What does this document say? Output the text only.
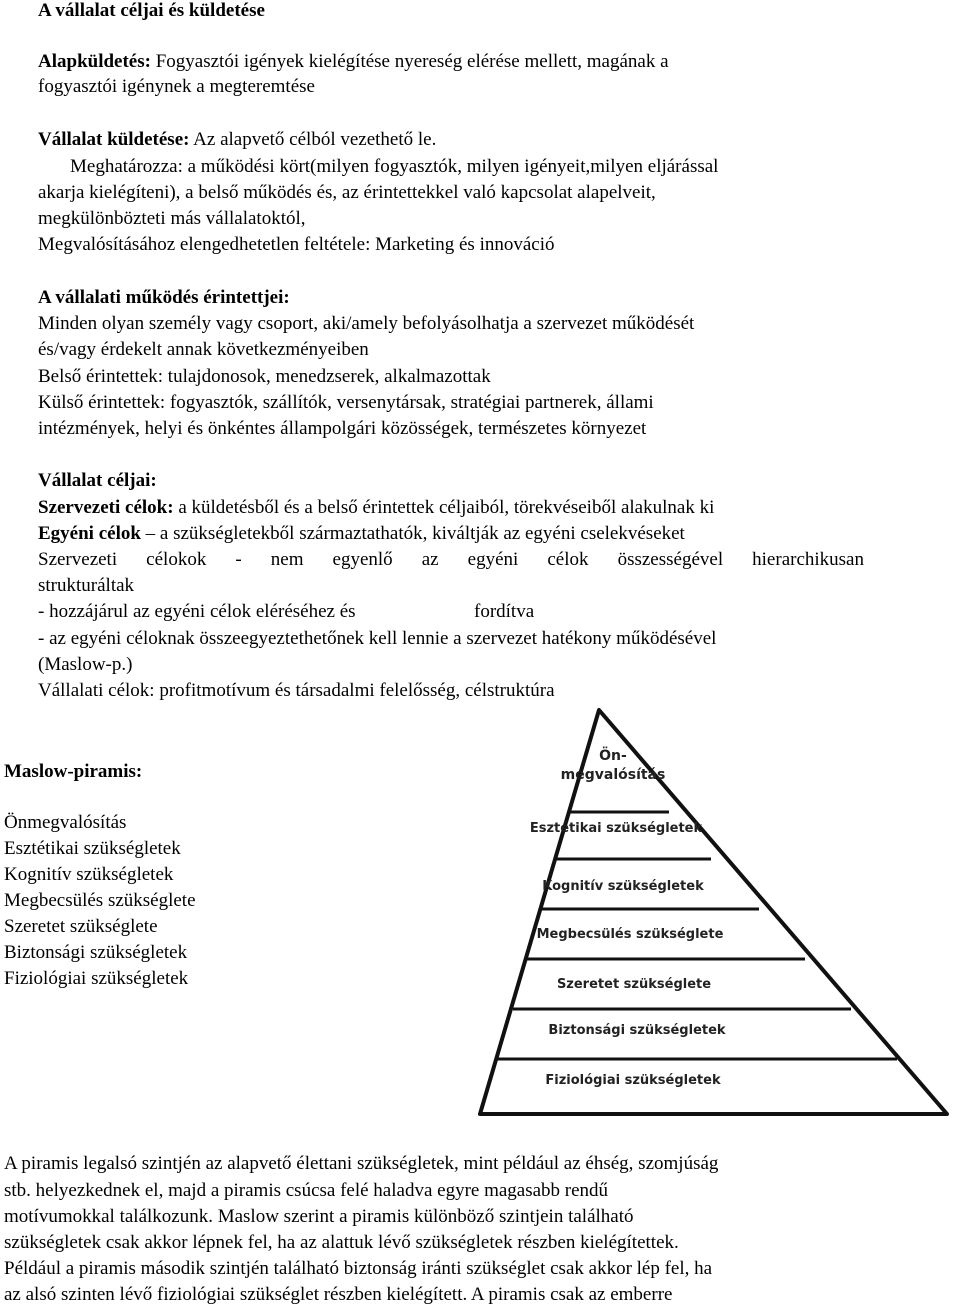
A vállalat céljai és küldetése
Alapküldetés: Fogyasztói igények kielégítése nyereség elérése mellett, magának a
fogyasztói igénynek a megteremtése
Vállalat küldetése: Az alapvető célból vezethető le.
Meghatározza: a működési kört(milyen fogyasztók, milyen igényeit,milyen eljárással
akarja kielégíteni), a belső működés és, az érintettekkel való kapcsolat alapelveit,
megkülönbözteti más vállalatoktól,
Megvalósításához elengedhetetlen feltétele: Marketing és innováció
A vállalati működés érintettjei:
Minden olyan személy vagy csoport, aki/amely befolyásolhatja a szervezet működését
és/vagy érdekelt annak következményeiben
Belső érintettek: tulajdonosok, menedzserek, alkalmazottak
Külső érintettek: fogyasztók, szállítók, versenytársak, stratégiai partnerek, állami
intézmények, helyi és önkéntes állampolgári közösségek, természetes környezet
Vállalat céljai:
Szervezeti célok: a küldetésből és a belső érintettek céljaiból, törekvéseiből alakulnak ki
Egyéni célok – a szükségletekből származtathatók, kiváltják az egyéni cselekvéseket
Szervezeti célokok - nem egyenlő az egyéni célok összességével hierarchikusan
strukturáltak
- hozzájárul az egyéni célok eléréséhez és	fordítva
- az egyéni céloknak összeegyeztethetőnek kell lennie a szervezet hatékony működésével
(Maslow-p.)
Vállalati célok: profitmotívum és társadalmi felelősség, célstruktúra
Maslow-piramis:
Önmegvalósítás
Esztétikai szükségletek
Kognitív szükségletek
Megbecsülés szükséglete
Szeretet szükséglete
Biztonsági szükségletek
Fiziológiai szükségletek
Ön-
megvalósítás
Esztétikai szükségletek
Kognitív szükségletek
Megbecsülés szükséglete
Szeretet szükséglete
Biztonsági szükségletek
Fiziológiai szükségletek
A piramis legalsó szintjén az alapvető élettani szükségletek, mint például az éhség, szomjúság
stb. helyezkednek el, majd a piramis csúcsa felé haladva egyre magasabb rendű
motívumokkal találkozunk. Maslow szerint a piramis különböző szintjein található
szükségletek csak akkor lépnek fel, ha az alattuk lévő szükségletek részben kielégítettek.
Például a piramis második szintjén található biztonság iránti szükséglet csak akkor lép fel, ha
az alsó szinten lévő fiziológiai szükséglet részben kielégített. A piramis csak az emberre
